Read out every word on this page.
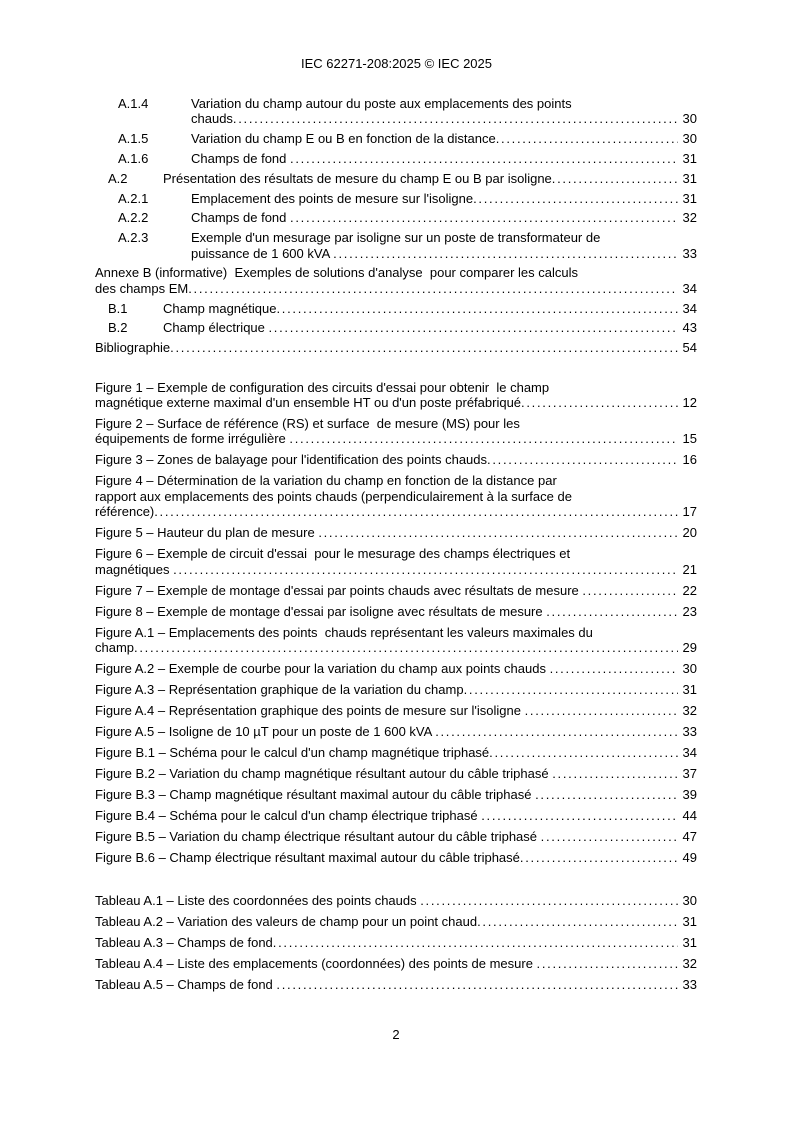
IEC 62271-208:2025 © IEC 2025
A.1.4	Variation du champ autour du poste aux emplacements des points
chauds .....	30
A.1.5	Variation du champ E ou B en fonction de la distance .....	30
A.1.6	Champs de fond .....	31
A.2	Présentation des résultats de mesure du champ E ou B par isoligne .....	31
A.2.1	Emplacement des points de mesure sur l'isoligne .....	31
A.2.2	Champs de fond .....	32
A.2.3	Exemple d'un mesurage par isoligne sur un poste de transformateur de
puissance de 1 600 kVA .....	33
Annexe B (informative)  Exemples de solutions d'analyse  pour comparer les calculs
des champs EM .....	34
B.1	Champ magnétique .....	34
B.2	Champ électrique .....	43
Bibliographie .....	54
Figure 1 – Exemple de configuration des circuits d'essai pour obtenir  le champ
magnétique externe maximal d'un ensemble HT ou d'un poste préfabriqué .....	12
Figure 2 – Surface de référence (RS) et surface  de mesure (MS) pour les
équipements de forme irrégulière .....	15
Figure 3 – Zones de balayage pour l'identification des points chauds .....	16
Figure 4 – Détermination de la variation du champ en fonction de la distance par
rapport aux emplacements des points chauds (perpendiculairement à la surface de
référence) .....	17
Figure 5 – Hauteur du plan de mesure .....	20
Figure 6 – Exemple de circuit d'essai  pour le mesurage des champs électriques et
magnétiques .....	21
Figure 7 – Exemple de montage d'essai par points chauds avec résultats de mesure .....	22
Figure 8 – Exemple de montage d'essai par isoligne avec résultats de mesure .....	23
Figure A.1 – Emplacements des points  chauds représentant les valeurs maximales du
champ .....	29
Figure A.2 – Exemple de courbe pour la variation du champ aux points chauds .....	30
Figure A.3 – Représentation graphique de la variation du champ .....	31
Figure A.4 – Représentation graphique des points de mesure sur l'isoligne .....	32
Figure A.5 – Isoligne de 10 µT pour un poste de 1 600 kVA .....	33
Figure B.1 – Schéma pour le calcul d'un champ magnétique triphasé .....	34
Figure B.2 – Variation du champ magnétique résultant autour du câble triphasé .....	37
Figure B.3 – Champ magnétique résultant maximal autour du câble triphasé .....	39
Figure B.4 – Schéma pour le calcul d'un champ électrique triphasé .....	44
Figure B.5 – Variation du champ électrique résultant autour du câble triphasé .....	47
Figure B.6 – Champ électrique résultant maximal autour du câble triphasé .....	49
Tableau A.1 – Liste des coordonnées des points chauds .....	30
Tableau A.2 – Variation des valeurs de champ pour un point chaud .....	31
Tableau A.3 – Champs de fond .....	31
Tableau A.4 – Liste des emplacements (coordonnées) des points de mesure .....	32
Tableau A.5 – Champs de fond .....	33
2
